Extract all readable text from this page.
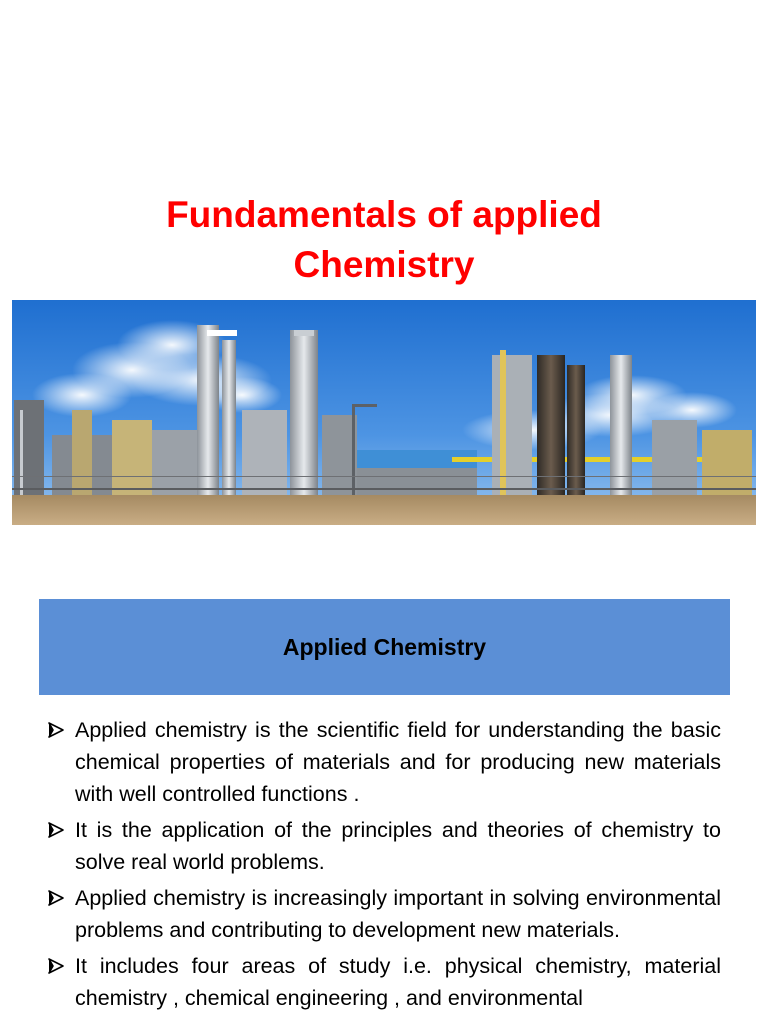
Fundamentals of applied
Chemistry
Applied Chemistry
Applied chemistry is the scientific field for understanding the basic chemical properties of materials and for producing new materials with well controlled functions .
It is the application of the principles and theories of chemistry to solve real world problems.
Applied chemistry is increasingly important in solving environmental problems and contributing to development new materials.
It includes four areas of study i.e. physical chemistry, material chemistry , chemical engineering , and environmental
